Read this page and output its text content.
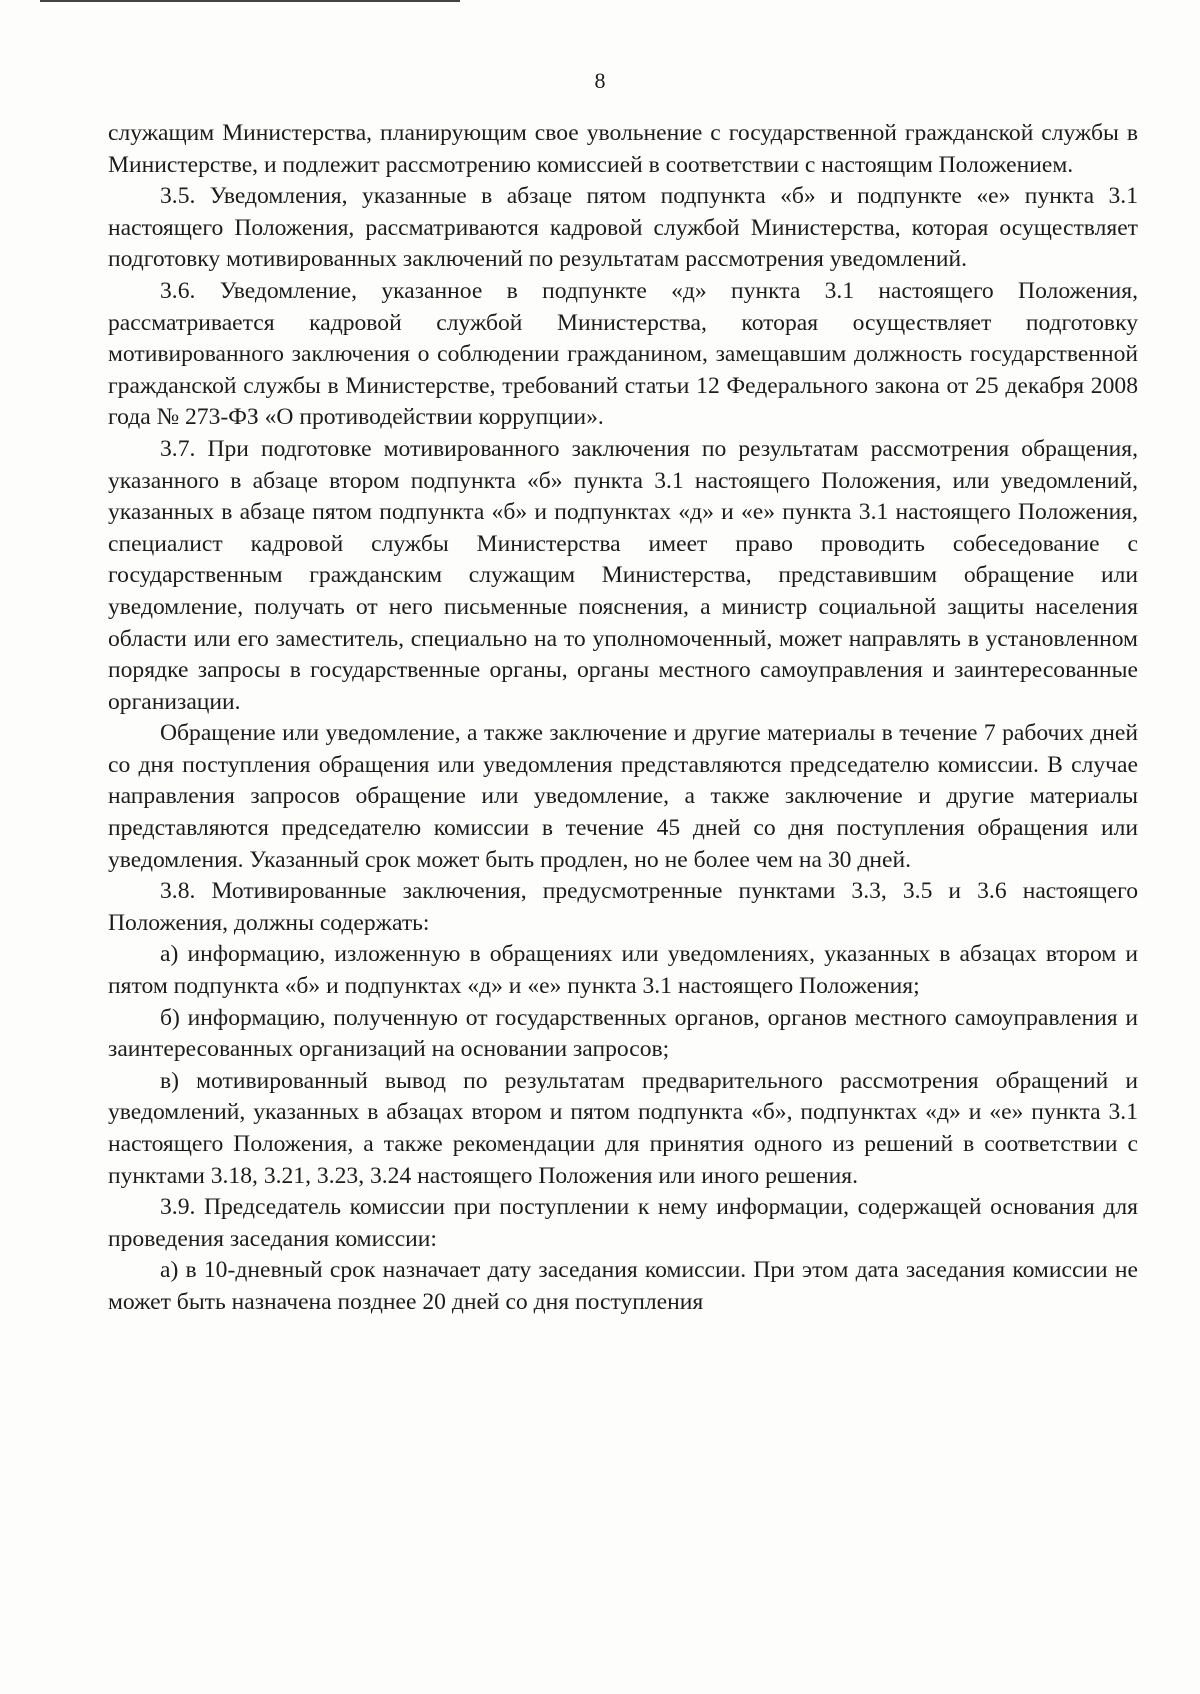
8

служащим Министерства, планирующим свое увольнение с государственной гражданской службы в Министерстве, и подлежит рассмотрению комиссией в соответствии с настоящим Положением.

3.5. Уведомления, указанные в абзаце пятом подпункта «б» и подпункте «е» пункта 3.1 настоящего Положения, рассматриваются кадровой службой Министерства, которая осуществляет подготовку мотивированных заключений по результатам рассмотрения уведомлений.

3.6. Уведомление, указанное в подпункте «д» пункта 3.1 настоящего Положения, рассматривается кадровой службой Министерства, которая осуществляет подготовку мотивированного заключения о соблюдении гражданином, замещавшим должность государственной гражданской службы в Министерстве, требований статьи 12 Федерального закона от 25 декабря 2008 года № 273-ФЗ «О противодействии коррупции».

3.7. При подготовке мотивированного заключения по результатам рассмотрения обращения, указанного в абзаце втором подпункта «б» пункта 3.1 настоящего Положения, или уведомлений, указанных в абзаце пятом подпункта «б» и подпунктах «д» и «е» пункта 3.1 настоящего Положения, специалист кадровой службы Министерства имеет право проводить собеседование с государственным гражданским служащим Министерства, представившим обращение или уведомление, получать от него письменные пояснения, а министр социальной защиты населения области или его заместитель, специально на то уполномоченный, может направлять в установленном порядке запросы в государственные органы, органы местного самоуправления и заинтересованные организации.

Обращение или уведомление, а также заключение и другие материалы в течение 7 рабочих дней со дня поступления обращения или уведомления представляются председателю комиссии. В случае направления запросов обращение или уведомление, а также заключение и другие материалы представляются председателю комиссии в течение 45 дней со дня поступления обращения или уведомления. Указанный срок может быть продлен, но не более чем на 30 дней.

3.8. Мотивированные заключения, предусмотренные пунктами 3.3, 3.5 и 3.6 настоящего Положения, должны содержать:

а) информацию, изложенную в обращениях или уведомлениях, указанных в абзацах втором и пятом подпункта «б» и подпунктах «д» и «е» пункта 3.1 настоящего Положения;

б) информацию, полученную от государственных органов, органов местного самоуправления и заинтересованных организаций на основании запросов;

в) мотивированный вывод по результатам предварительного рассмотрения обращений и уведомлений, указанных в абзацах втором и пятом подпункта «б», подпунктах «д» и «е» пункта 3.1 настоящего Положения, а также рекомендации для принятия одного из решений в соответствии с пунктами 3.18, 3.21, 3.23, 3.24 настоящего Положения или иного решения.

3.9. Председатель комиссии при поступлении к нему информации, содержащей основания для проведения заседания комиссии:

а) в 10-дневный срок назначает дату заседания комиссии. При этом дата заседания комиссии не может быть назначена позднее 20 дней со дня поступления
